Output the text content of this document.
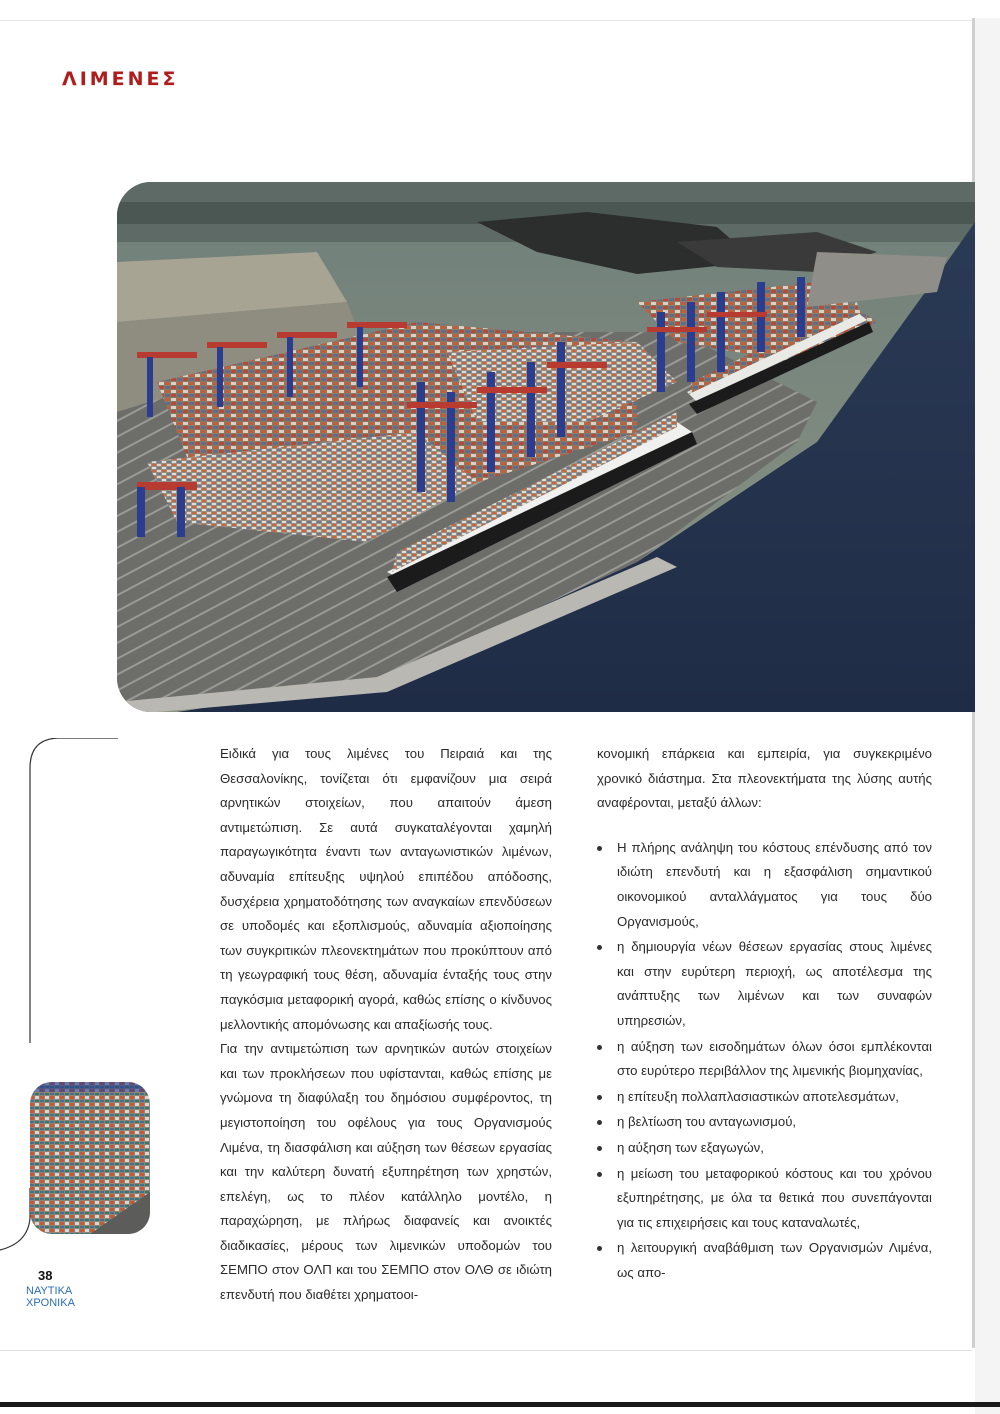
ΛΙΜΕΝΕΣ

Ειδικά για τους λιμένες του Πειραιά και της Θεσσαλονίκης, τονίζεται ότι εμφανίζουν μια σειρά αρνητικών στοιχείων, που απαιτούν άμεση αντιμετώπιση. Σε αυτά συγκαταλέγονται χαμηλή παραγωγικότητα έναντι των ανταγωνιστικών λιμένων, αδυναμία επίτευξης υψηλού επιπέδου απόδοσης, δυσχέρεια χρηματοδότησης των αναγκαίων επενδύσεων σε υποδομές και εξοπλισμούς, αδυναμία αξιοποίησης των συγκριτικών πλεονεκτημάτων που προκύπτουν από τη γεωγραφική τους θέση, αδυναμία ένταξής τους στην παγκόσμια μεταφορική αγορά, καθώς επίσης ο κίνδυνος μελλοντικής απομόνωσης και απαξίωσής τους.

Για την αντιμετώπιση των αρνητικών αυτών στοιχείων και των προκλήσεων που υφίστανται, καθώς επίσης με γνώμονα τη διαφύλαξη του δημόσιου συμφέροντος, τη μεγιστοποίηση του οφέλους για τους Οργανισμούς Λιμένα, τη διασφάλιση και αύξηση των θέσεων εργασίας και την καλύτερη δυνατή εξυπηρέτηση των χρηστών, επελέγη, ως το πλέον κατάλληλο μοντέλο, η παραχώρηση, με πλήρως διαφανείς και ανοικτές διαδικασίες, μέρους των λιμενικών υποδομών του ΣΕΜΠΟ στον ΟΛΠ και του ΣΕΜΠΟ στον ΟΛΘ σε ιδιώτη επενδυτή που διαθέτει χρηματοοι-

κονομική επάρκεια και εμπειρία, για συγκεκριμένο χρονικό διάστημα. Στα πλεονεκτήματα της λύσης αυτής αναφέρονται, μεταξύ άλλων:

Η πλήρης ανάληψη του κόστους επένδυσης από τον ιδιώτη επενδυτή και η εξασφάλιση σημαντικού οικονομικού ανταλλάγματος για τους δύο Οργανισμούς,
η δημιουργία νέων θέσεων εργασίας στους λιμένες και στην ευρύτερη περιοχή, ως αποτέλεσμα της ανάπτυξης των λιμένων και των συναφών υπηρεσιών,
η αύξηση των εισοδημάτων όλων όσοι εμπλέκονται στο ευρύτερο περιβάλλον της λιμενικής βιομηχανίας,
η επίτευξη πολλαπλασιαστικών αποτελεσμάτων,
η βελτίωση του ανταγωνισμού,
η αύξηση των εξαγωγών,
η μείωση του μεταφορικού κόστους και του χρόνου εξυπηρέτησης, με όλα τα θετικά που συνεπάγονται για τις επιχειρήσεις και τους καταναλωτές,
η λειτουργική αναβάθμιση των Οργανισμών Λιμένα, ως απο-
38
ΝΑΥΤΙΚΑ
ΧΡΟΝΙΚΑ
